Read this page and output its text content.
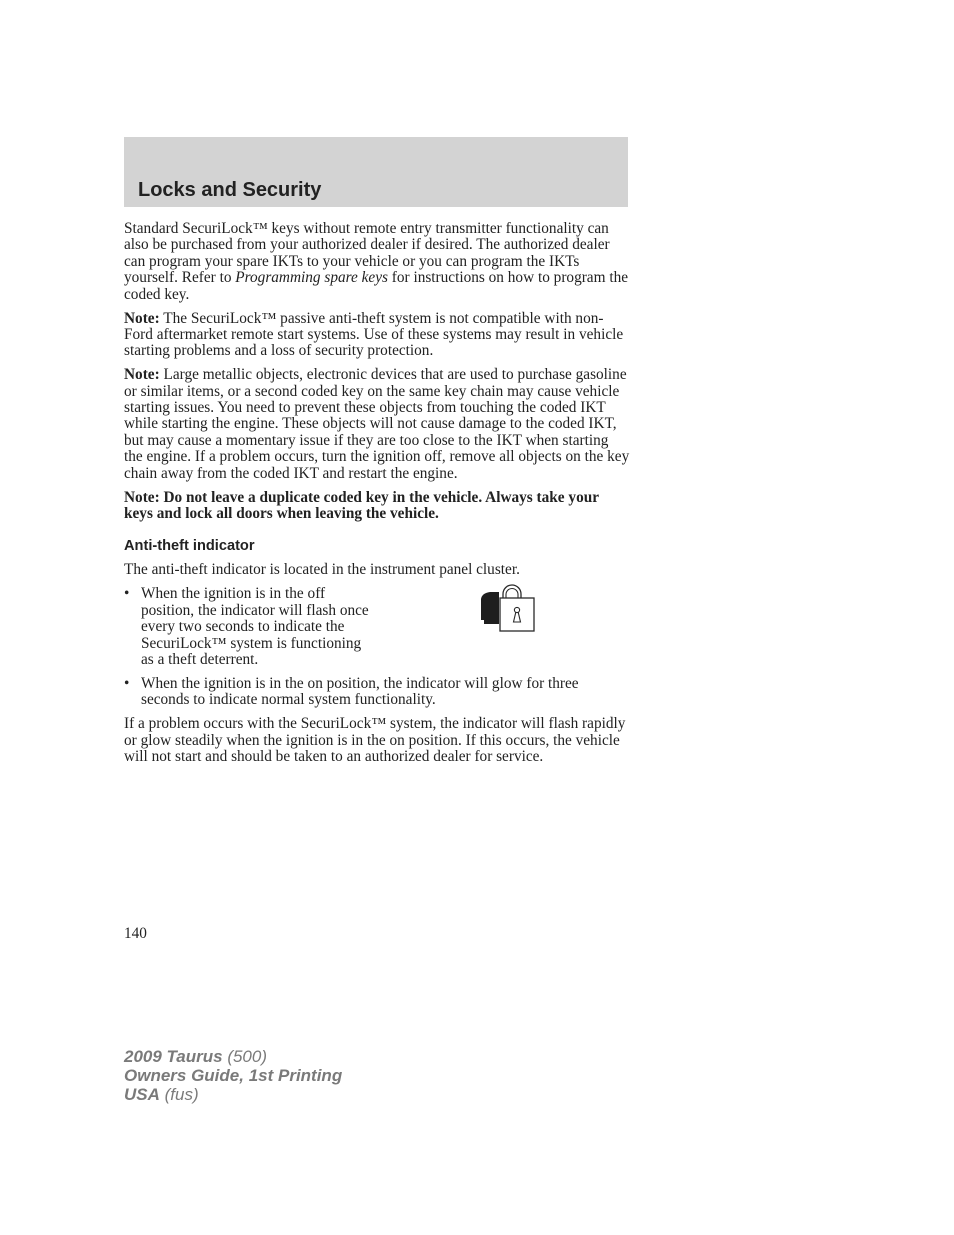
Locks and Security

Standard SecuriLock™ keys without remote entry transmitter functionality can also be purchased from your authorized dealer if desired. The authorized dealer can program your spare IKTs to your vehicle or you can program the IKTs yourself. Refer to Programming spare keys for instructions on how to program the coded key.

Note: The SecuriLock™ passive anti-theft system is not compatible with non-Ford aftermarket remote start systems. Use of these systems may result in vehicle starting problems and a loss of security protection.

Note: Large metallic objects, electronic devices that are used to purchase gasoline or similar items, or a second coded key on the same key chain may cause vehicle starting issues. You need to prevent these objects from touching the coded IKT while starting the engine. These objects will not cause damage to the coded IKT, but may cause a momentary issue if they are too close to the IKT when starting the engine. If a problem occurs, turn the ignition off, remove all objects on the key chain away from the coded IKT and restart the engine.

Note: Do not leave a duplicate coded key in the vehicle. Always take your keys and lock all doors when leaving the vehicle.

Anti-theft indicator

The anti-theft indicator is located in the instrument panel cluster.

• When the ignition is in the off position, the indicator will flash once every two seconds to indicate the SecuriLock™ system is functioning as a theft deterrent.
• When the ignition is in the on position, the indicator will glow for three seconds to indicate normal system functionality.

If a problem occurs with the SecuriLock™ system, the indicator will flash rapidly or glow steadily when the ignition is in the on position. If this occurs, the vehicle will not start and should be taken to an authorized dealer for service.

140
2009 Taurus (500)
Owners Guide, 1st Printing
USA (fus)
